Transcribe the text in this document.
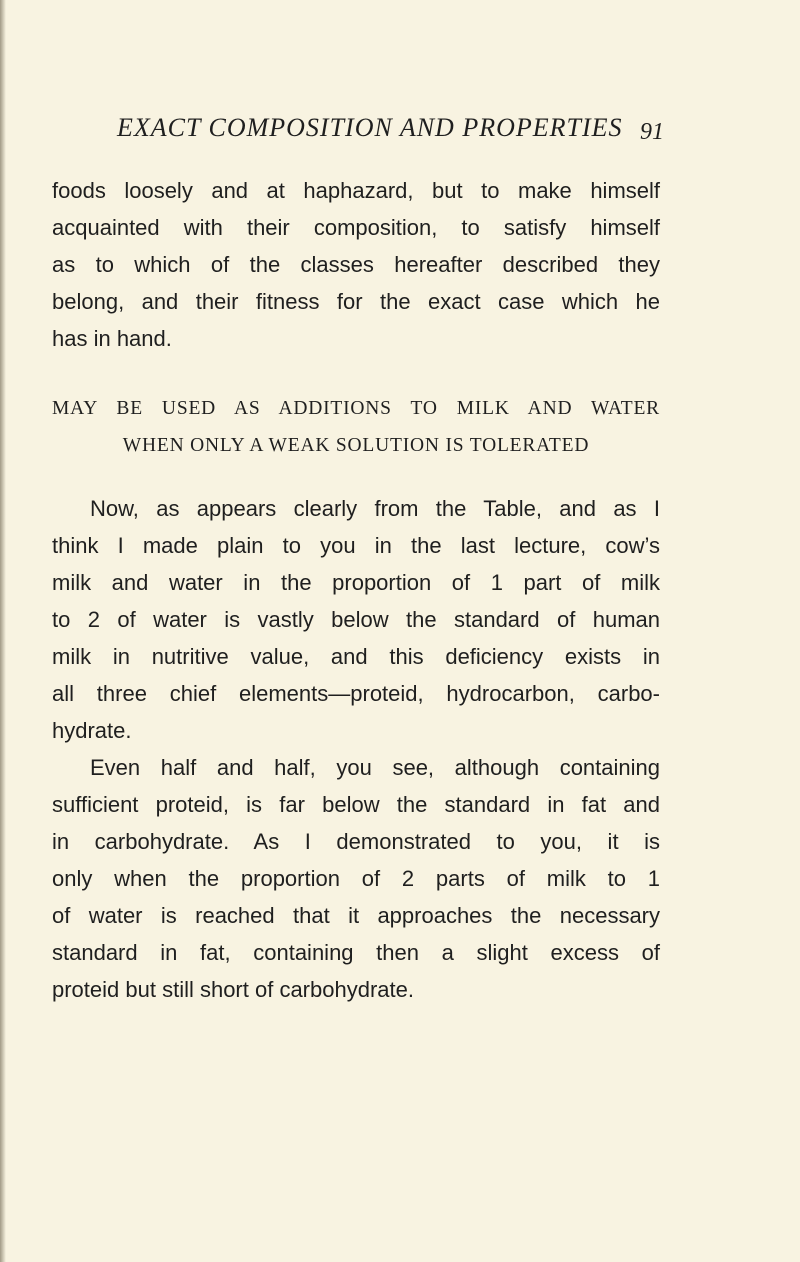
EXACT COMPOSITION AND PROPERTIES 91
foods loosely and at haphazard, but to make himself
acquainted with their composition, to satisfy himself
as to which of the classes hereafter described they
belong, and their fitness for the exact case which he
has in hand.
MAY BE USED AS ADDITIONS TO MILK AND WATER
WHEN ONLY A WEAK SOLUTION IS TOLERATED
Now, as appears clearly from the Table, and as I
think I made plain to you in the last lecture, cow’s
milk and water in the proportion of 1 part of milk
to 2 of water is vastly below the standard of human
milk in nutritive value, and this deficiency exists in
all three chief elements—proteid, hydrocarbon, carbo-
hydrate.
Even half and half, you see, although containing
sufficient proteid, is far below the standard in fat and
in carbohydrate. As I demonstrated to you, it is
only when the proportion of 2 parts of milk to 1
of water is reached that it approaches the necessary
standard in fat, containing then a slight excess of
proteid but still short of carbohydrate.
